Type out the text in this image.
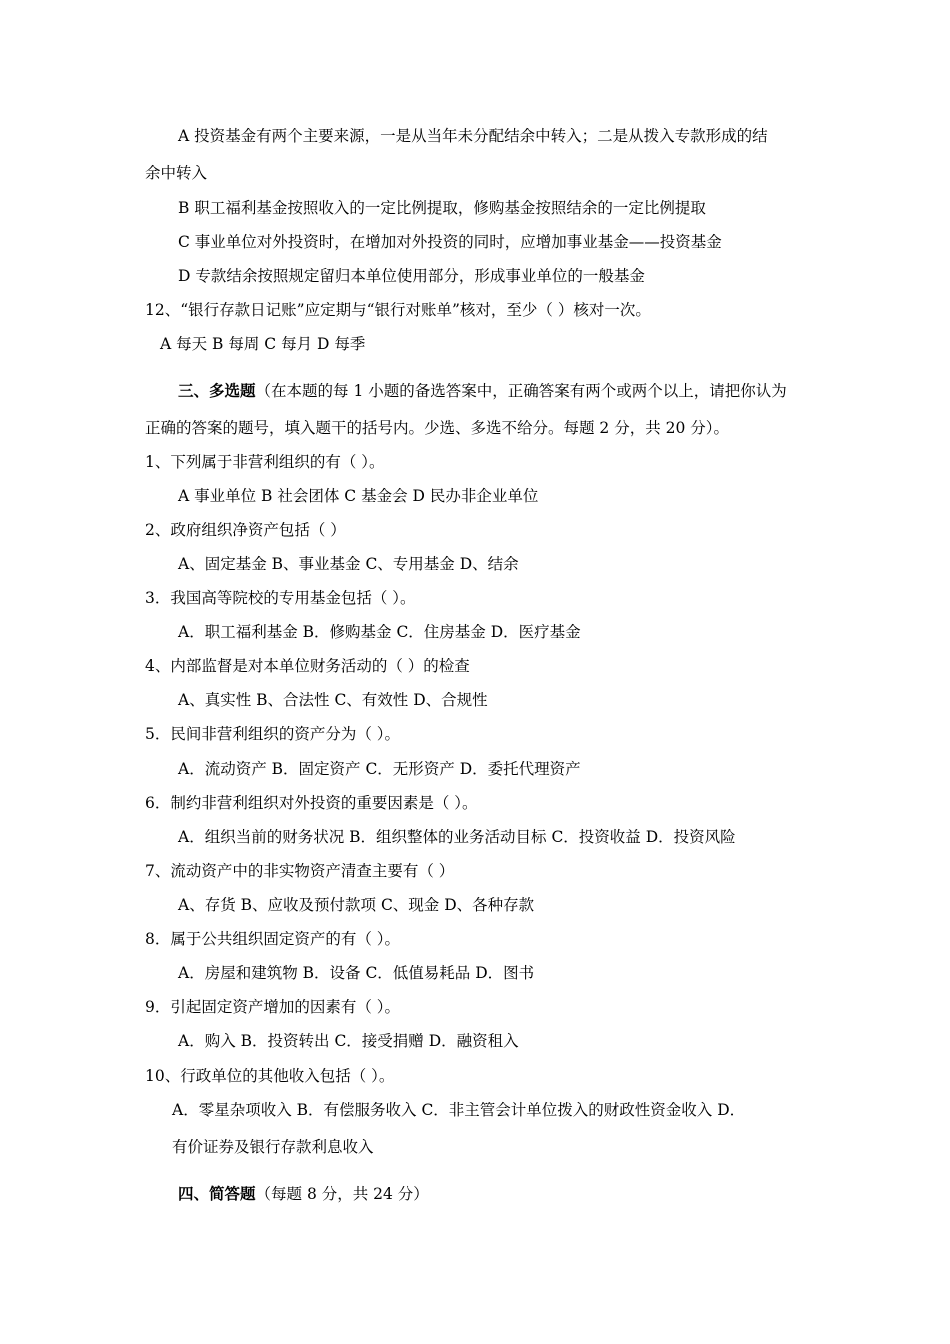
A 投资基金有两个主要来源，一是从当年未分配结余中转入；二是从拨入专款形成的结

余中转入

B 职工福利基金按照收入的一定比例提取，修购基金按照结余的一定比例提取

C 事业单位对外投资时，在增加对外投资的同时，应增加事业基金——投资基金

D 专款结余按照规定留归本单位使用部分，形成事业单位的一般基金

12、“银行存款日记账”应定期与“银行对账单”核对，至少（ ）核对一次。

A 每天 B 每周 C 每月 D 每季

三、多选题（在本题的每 1 小题的备选答案中，正确答案有两个或两个以上，请把你认为

正确的答案的题号，填入题干的括号内。少选、多选不给分。每题 2 分，共 20 分）。

1、下列属于非营利组织的有（ ）。

A 事业单位 B 社会团体 C 基金会 D 民办非企业单位

2、政府组织净资产包括（ ）

A、固定基金 B、事业基金 C、专用基金 D、结余

3．我国高等院校的专用基金包括（ ）。

A．职工福利基金 B．修购基金 C．住房基金 D．医疗基金

4、内部监督是对本单位财务活动的（ ）的检查

A、真实性 B、合法性 C、有效性 D、合规性

5．民间非营利组织的资产分为（ ）。

A．流动资产 B．固定资产 C．无形资产 D．委托代理资产

6．制约非营利组织对外投资的重要因素是（ ）。

A．组织当前的财务状况 B．组织整体的业务活动目标 C．投资收益 D．投资风险

7、流动资产中的非实物资产清查主要有（ ）

A、存货 B、应收及预付款项 C、现金 D、各种存款

8．属于公共组织固定资产的有（ ）。

A．房屋和建筑物 B．设备 C．低值易耗品 D．图书

9．引起固定资产增加的因素有（ ）。

A．购入 B．投资转出 C．接受捐赠 D．融资租入

10、行政单位的其他收入包括（ ）。

A．零星杂项收入 B．有偿服务收入 C．非主管会计单位拨入的财政性资金收入 D．

有价证券及银行存款利息收入

四、简答题（每题 8 分，共 24 分）
